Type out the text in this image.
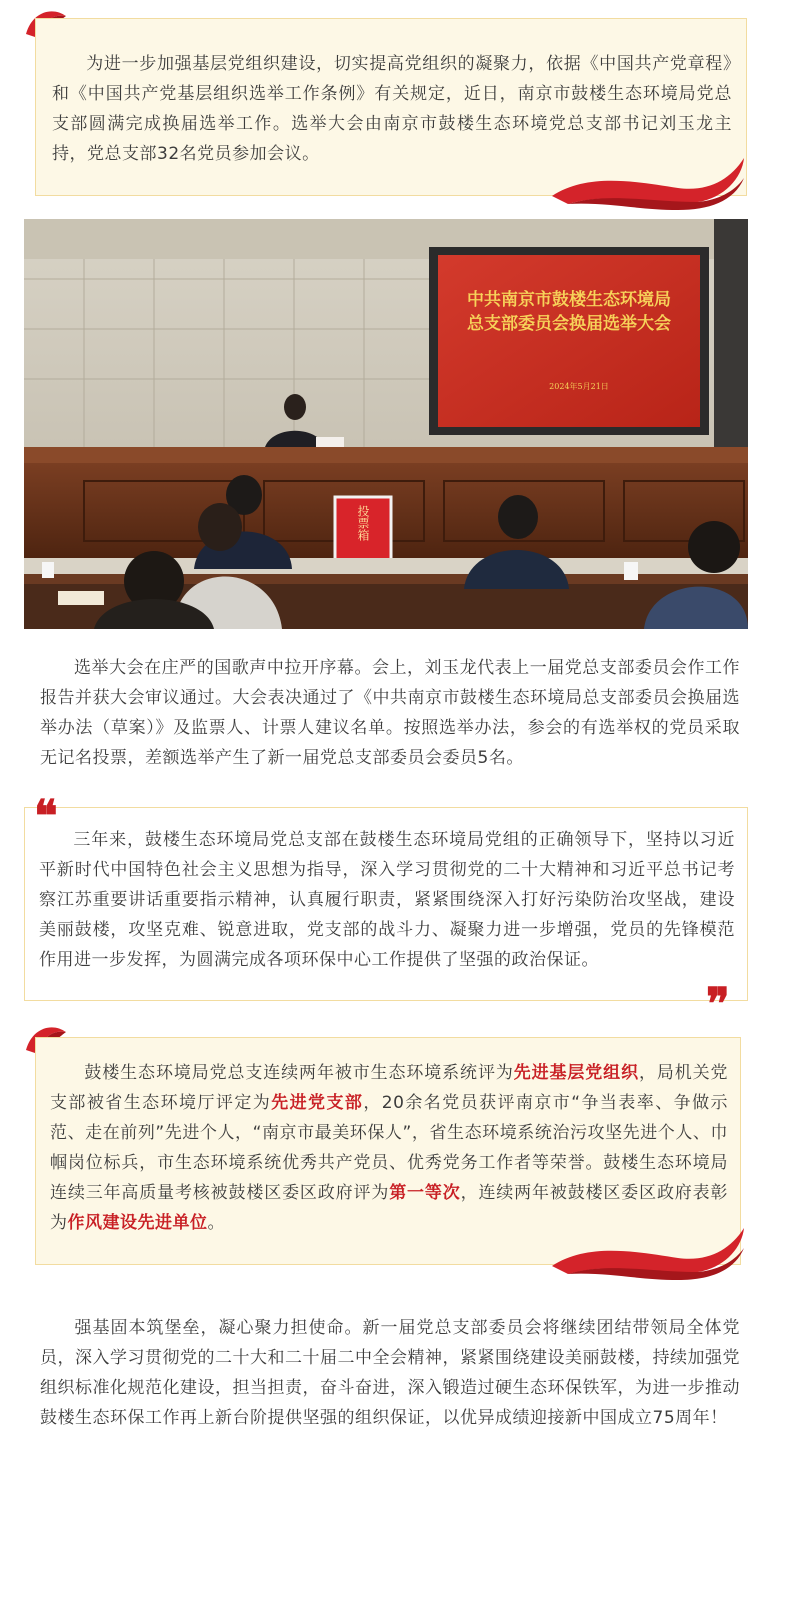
为进一步加强基层党组织建设，切实提高党组织的凝聚力，依据《中国共产党章程》和《中国共产党基层组织选举工作条例》有关规定，近日，南京市鼓楼生态环境局党总支部圆满完成换届选举工作。选举大会由南京市鼓楼生态环境党总支部书记刘玉龙主持，党总支部32名党员参加会议。

中共南京市鼓楼生态环境局
总支部委员会换届选举大会
2024年5月21日
投票箱

选举大会在庄严的国歌声中拉开序幕。会上，刘玉龙代表上一届党总支部委员会作工作报告并获大会审议通过。大会表决通过了《中共南京市鼓楼生态环境局总支部委员会换届选举办法（草案）》及监票人、计票人建议名单。按照选举办法，参会的有选举权的党员采取无记名投票，差额选举产生了新一届党总支部委员会委员5名。

三年来，鼓楼生态环境局党总支部在鼓楼生态环境局党组的正确领导下，坚持以习近平新时代中国特色社会主义思想为指导，深入学习贯彻党的二十大精神和习近平总书记考察江苏重要讲话重要指示精神，认真履行职责，紧紧围绕深入打好污染防治攻坚战，建设美丽鼓楼，攻坚克难、锐意进取，党支部的战斗力、凝聚力进一步增强，党员的先锋模范作用进一步发挥，为圆满完成各项环保中心工作提供了坚强的政治保证。

❝
❞

鼓楼生态环境局党总支连续两年被市生态环境系统评为先进基层党组织，局机关党支部被省生态环境厅评定为先进党支部，20余名党员获评南京市“争当表率、争做示范、走在前列”先进个人，“南京市最美环保人”，省生态环境系统治污攻坚先进个人、巾帼岗位标兵，市生态环境系统优秀共产党员、优秀党务工作者等荣誉。鼓楼生态环境局连续三年高质量考核被鼓楼区委区政府评为第一等次，连续两年被鼓楼区委区政府表彰为作风建设先进单位。

强基固本筑堡垒，凝心聚力担使命。新一届党总支部委员会将继续团结带领局全体党员，深入学习贯彻党的二十大和二十届二中全会精神，紧紧围绕建设美丽鼓楼，持续加强党组织标准化规范化建设，担当担责，奋斗奋进，深入锻造过硬生态环保铁军，为进一步推动鼓楼生态环保工作再上新台阶提供坚强的组织保证，以优异成绩迎接新中国成立75周年！
